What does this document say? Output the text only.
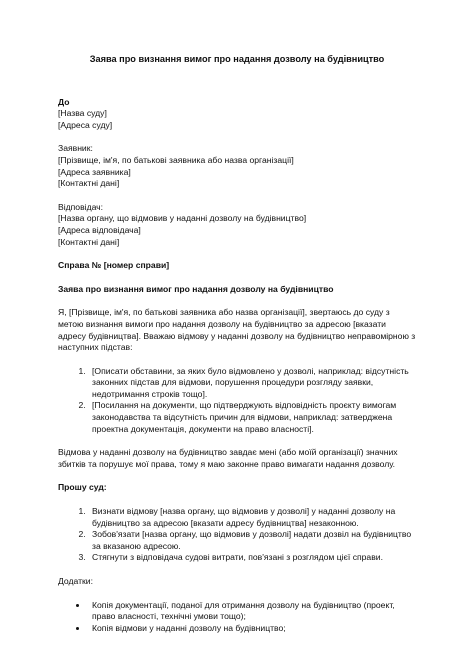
Заява про визнання вимог про надання дозволу на будівництво
До
[Назва суду]
[Адреса суду]
Заявник:
[Прізвище, ім'я, по батькові заявника або назва організації]
[Адреса заявника]
[Контактні дані]
Відповідач:
[Назва органу, що відмовив у наданні дозволу на будівництво]
[Адреса відповідача]
[Контактні дані]
Справа № [номер справи]
Заява про визнання вимог про надання дозволу на будівництво

Я, [Прізвище, ім'я, по батькові заявника або назва організації], звертаюсь до суду з метою визнання вимоги про надання дозволу на будівництво за адресою [вказати адресу будівництва]. Вважаю відмову у наданні дозволу на будівництво неправомірною з наступних підстав:

1. [Описати обставини, за яких було відмовлено у дозволі, наприклад: відсутність законних підстав для відмови, порушення процедури розгляду заявки, недотримання строків тощо].
2. [Посилання на документи, що підтверджують відповідність проєкту вимогам законодавства та відсутність причин для відмови, наприклад: затверджена проектна документація, документи на право власності].

Відмова у наданні дозволу на будівництво завдає мені (або моїй організації) значних збитків та порушує мої права, тому я маю законне право вимагати надання дозволу.

Прошу суд:
1. Визнати відмову [назва органу, що відмовив у дозволі] у наданні дозволу на будівництво за адресою [вказати адресу будівництва] незаконною.
2. Зобов'язати [назва органу, що відмовив у дозволі] надати дозвіл на будівництво за вказаною адресою.
3. Стягнути з відповідача судові витрати, пов'язані з розглядом цієї справи.

Додатки:

• Копія документації, поданої для отримання дозволу на будівництво (проект, право власності, технічні умови тощо);
• Копія відмови у наданні дозволу на будівництво;
